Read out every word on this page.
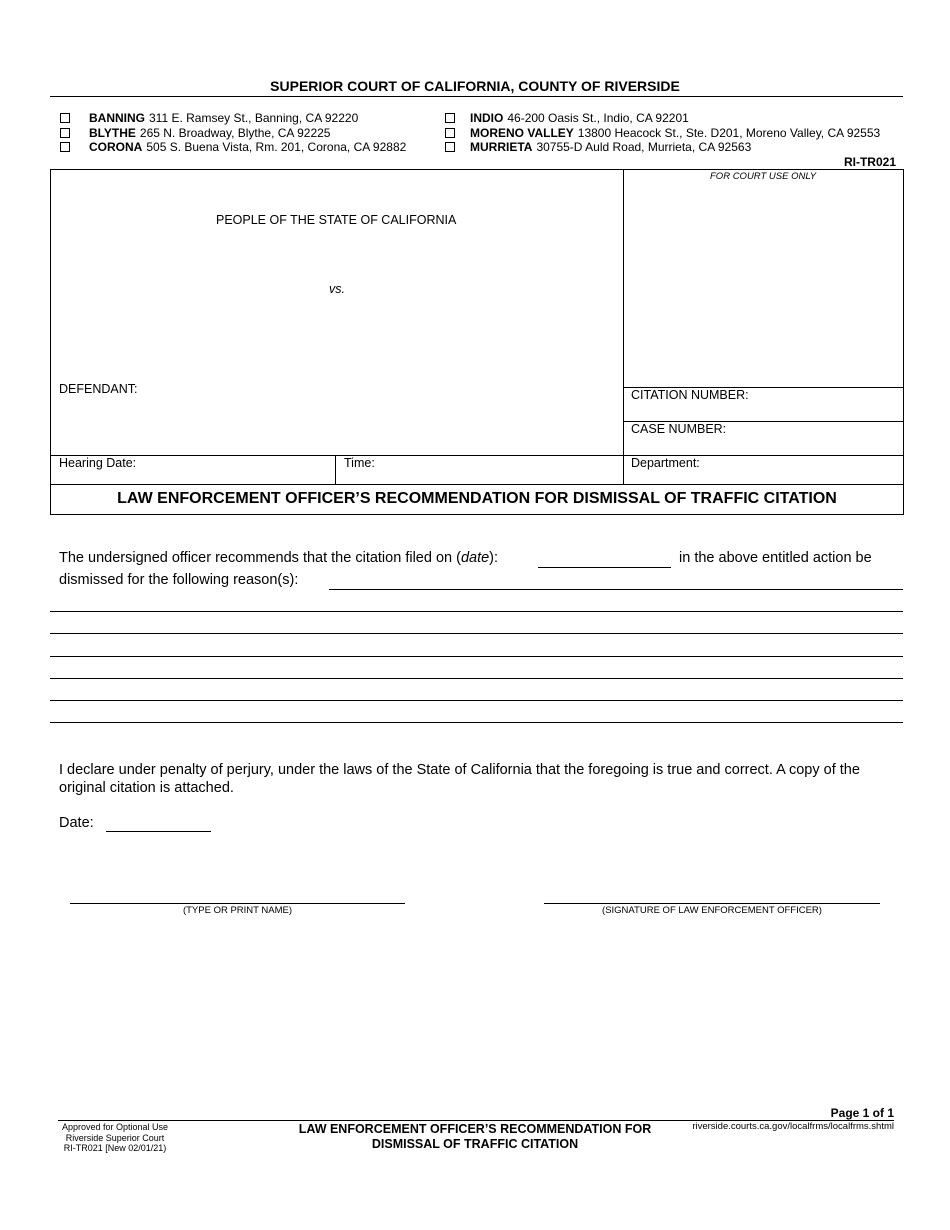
SUPERIOR COURT OF CALIFORNIA, COUNTY OF RIVERSIDE
BANNING 311 E. Ramsey St., Banning, CA 92220
BLYTHE 265 N. Broadway, Blythe, CA 92225
CORONA 505 S. Buena Vista, Rm. 201, Corona, CA 92882
INDIO 46-200 Oasis St., Indio, CA 92201
MORENO VALLEY 13800 Heacock St., Ste. D201, Moreno Valley, CA 92553
MURRIETA 30755-D Auld Road, Murrieta, CA 92563
RI-TR021
FOR COURT USE ONLY
PEOPLE OF THE STATE OF CALIFORNIA
vs.
DEFENDANT:	CITATION NUMBER:
CASE NUMBER:
Hearing Date:	Time:	Department:
LAW ENFORCEMENT OFFICER’S RECOMMENDATION FOR DISMISSAL OF TRAFFIC CITATION
The undersigned officer recommends that the citation filed on (date):	in the above entitled action be
dismissed for the following reason(s):
I declare under penalty of perjury, under the laws of the State of California that the foregoing is true and correct. A copy of the original citation is attached.
Date:
(TYPE OR PRINT NAME)	(SIGNATURE OF LAW ENFORCEMENT OFFICER)
Page 1 of 1
Approved for Optional Use
Riverside Superior Court
RI-TR021 [New 02/01/21)
LAW ENFORCEMENT OFFICER’S RECOMMENDATION FOR
DISMISSAL OF TRAFFIC CITATION
riverside.courts.ca.gov/localfrms/localfrms.shtml
